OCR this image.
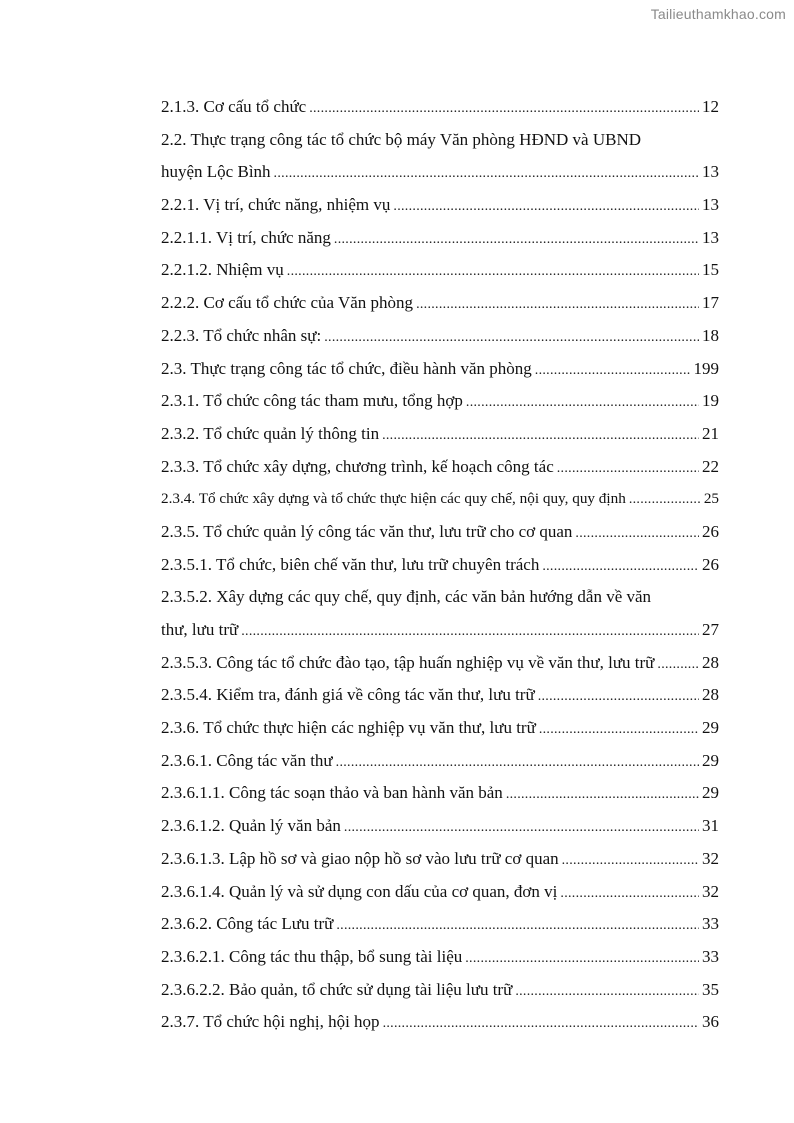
Tailieuthamkhao.com
2.1.3. Cơ cấu tổ chức .....	12
2.2. Thực trạng công tác tổ chức bộ máy Văn phòng HĐND và UBND
huyện Lộc Bình .....	13
2.2.1. Vị trí, chức năng, nhiệm vụ .....	13
2.2.1.1. Vị trí, chức năng .....	13
2.2.1.2. Nhiệm vụ .....	15
2.2.2. Cơ cấu tổ chức của Văn phòng .....	17
2.2.3. Tổ chức nhân sự: .....	18
2.3. Thực trạng công tác tổ chức, điều hành văn phòng .....	199
2.3.1. Tổ chức công tác tham mưu, tổng hợp .....	19
2.3.2. Tổ chức quản lý thông tin .....	21
2.3.3. Tổ chức xây dựng, chương trình, kế hoạch công tác .....	22
2.3.4. Tổ chức xây dựng và tổ chức thực hiện các quy chế, nội quy, quy định .....	25
2.3.5. Tổ chức quản lý công tác văn thư, lưu trữ cho cơ quan .....	26
2.3.5.1. Tổ chức, biên chế văn thư, lưu trữ chuyên trách .....	26
2.3.5.2. Xây dựng các quy chế, quy định, các văn bản hướng dẫn về văn
thư, lưu trữ .....	27
2.3.5.3. Công tác tổ chức đào tạo, tập huấn nghiệp vụ về văn thư, lưu trữ .....	28
2.3.5.4. Kiểm tra, đánh giá về công tác văn thư, lưu trữ .....	28
2.3.6. Tổ chức thực hiện các nghiệp vụ văn thư, lưu trữ .....	29
2.3.6.1. Công tác văn thư .....	29
2.3.6.1.1. Công tác soạn thảo và ban hành văn bản .....	29
2.3.6.1.2. Quản lý văn bản .....	31
2.3.6.1.3. Lập hồ sơ và giao nộp hồ sơ vào lưu trữ cơ quan .....	32
2.3.6.1.4. Quản lý và sử dụng con dấu của cơ quan, đơn vị .....	32
2.3.6.2. Công tác Lưu trữ .....	33
2.3.6.2.1. Công tác thu thập, bổ sung tài liệu .....	33
2.3.6.2.2. Bảo quản, tổ chức sử dụng tài liệu lưu trữ .....	35
2.3.7. Tổ chức hội nghị, hội họp .....	36
